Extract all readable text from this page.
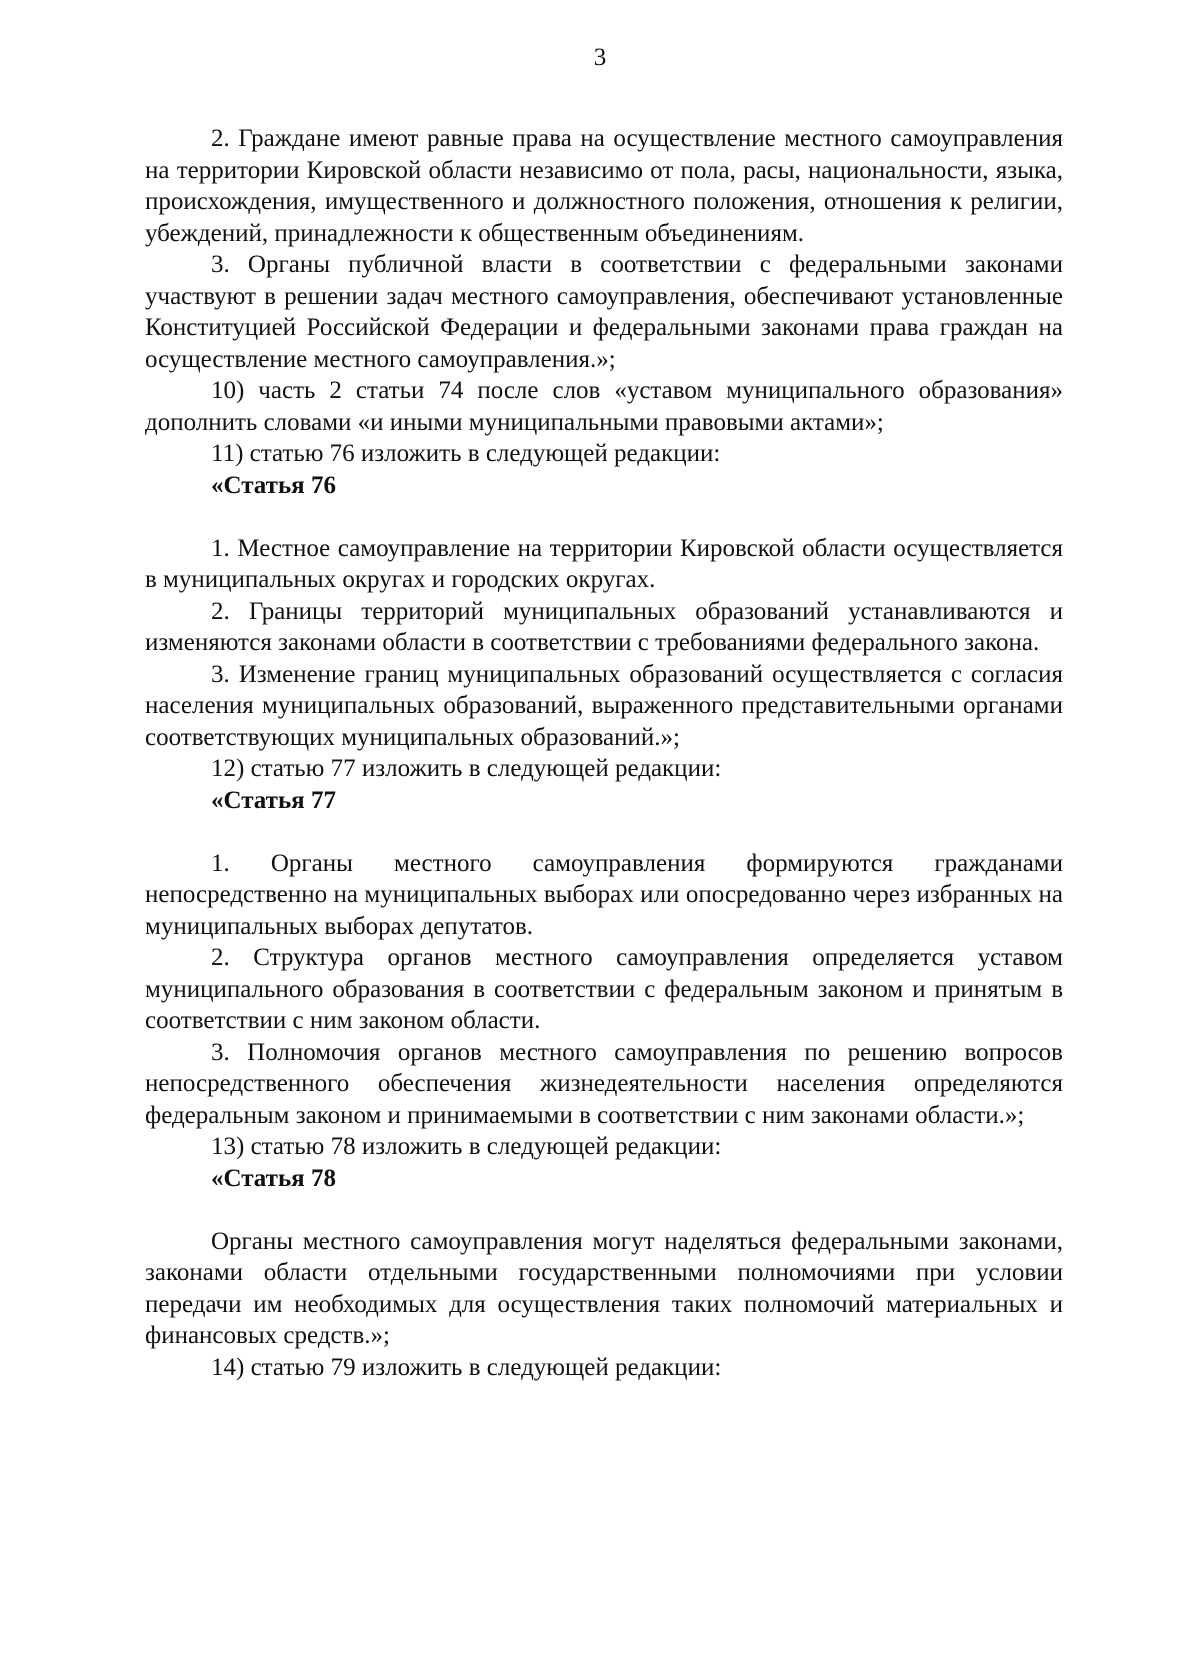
3

2. Граждане имеют равные права на осуществление местного самоуправления на территории Кировской области независимо от пола, расы, национальности, языка, происхождения, имущественного и должностного положения, отношения к религии, убеждений, принадлежности к общественным объединениям.

3. Органы публичной власти в соответствии с федеральными законами участвуют в решении задач местного самоуправления, обеспечивают установленные Конституцией Российской Федерации и федеральными законами права граждан на осуществление местного самоуправления.»;

10) часть 2 статьи 74 после слов «уставом муниципального образования» дополнить словами «и иными муниципальными правовыми актами»;

11) статью 76 изложить в следующей редакции:

«Статья 76

1. Местное самоуправление на территории Кировской области осуществляется в муниципальных округах и городских округах.

2. Границы территорий муниципальных образований устанавливаются и изменяются законами области в соответствии с требованиями федерального закона.

3. Изменение границ муниципальных образований осуществляется с согласия населения муниципальных образований, выраженного представительными органами соответствующих муниципальных образований.»;

12) статью 77 изложить в следующей редакции:

«Статья 77

1. Органы местного самоуправления формируются гражданами непосредственно на муниципальных выборах или опосредованно через избранных на муниципальных выборах депутатов.

2. Структура органов местного самоуправления определяется уставом муниципального образования в соответствии с федеральным законом и принятым в соответствии с ним законом области.

3. Полномочия органов местного самоуправления по решению вопросов непосредственного обеспечения жизнедеятельности населения определяются федеральным законом и принимаемыми в соответствии с ним законами области.»;

13) статью 78 изложить в следующей редакции:

«Статья 78

Органы местного самоуправления могут наделяться федеральными законами, законами области отдельными государственными полномочиями при условии передачи им необходимых для осуществления таких полномочий материальных и финансовых средств.»;

14) статью 79 изложить в следующей редакции:
